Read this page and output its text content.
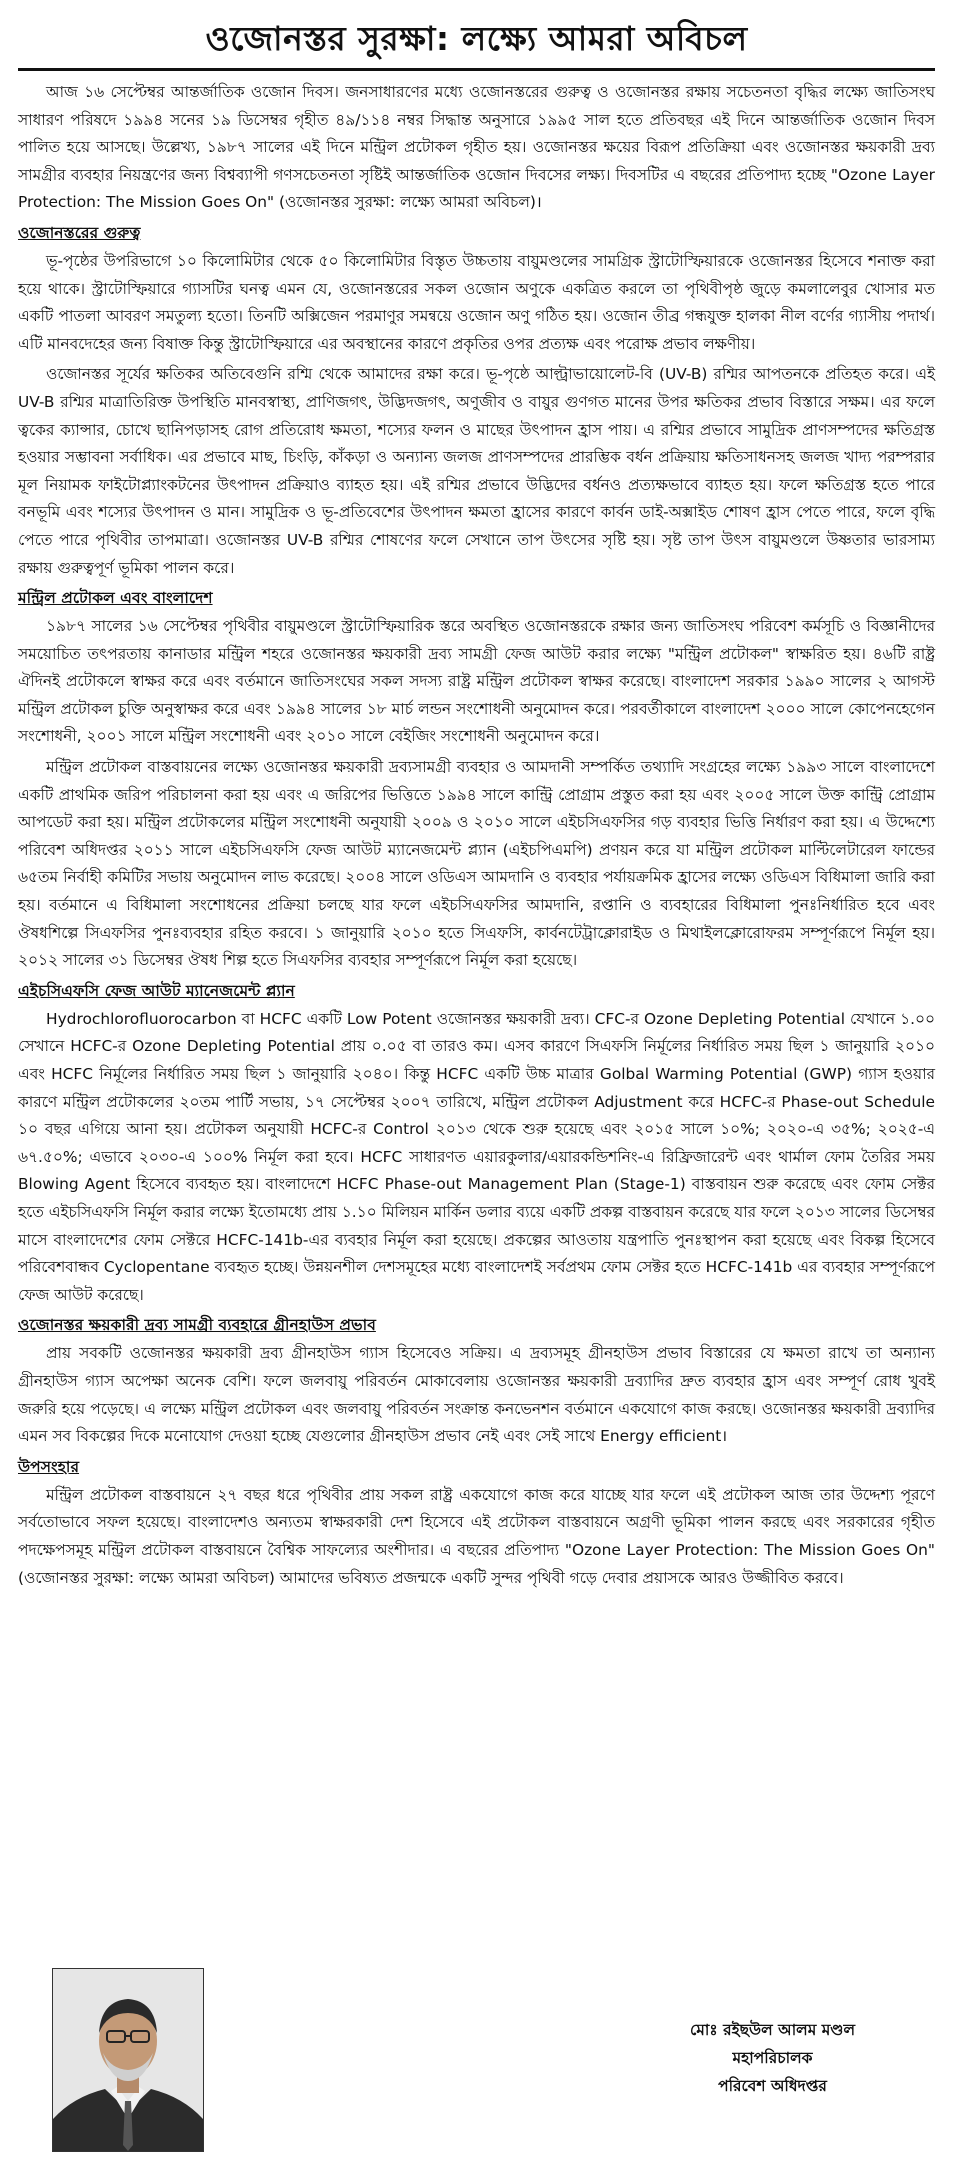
ওজোনস্তর সুরক্ষা: লক্ষ্যে আমরা অবিচল

আজ ১৬ সেপ্টেম্বর আন্তর্জাতিক ওজোন দিবস। জনসাধারণের মধ্যে ওজোনস্তরের গুরুত্ব ও ওজোনস্তর রক্ষায় সচেতনতা বৃদ্ধির লক্ষ্যে জাতিসংঘ সাধারণ পরিষদে ১৯৯৪ সনের ১৯ ডিসেম্বর গৃহীত ৪৯/১১৪ নম্বর সিদ্ধান্ত অনুসারে ১৯৯৫ সাল হতে প্রতিবছর এই দিনে আন্তর্জাতিক ওজোন দিবস পালিত হয়ে আসছে। উল্লেখ্য, ১৯৮৭ সালের এই দিনে মন্ট্রিল প্রটোকল গৃহীত হয়। ওজোনস্তর ক্ষয়ের বিরূপ প্রতিক্রিয়া এবং ওজোনস্তর ক্ষয়কারী দ্রব্য সামগ্রীর ব্যবহার নিয়ন্ত্রণের জন্য বিশ্বব্যাপী গণসচেতনতা সৃষ্টিই আন্তর্জাতিক ওজোন দিবসের লক্ষ্য। দিবসটির এ বছরের প্রতিপাদ্য হচ্ছে "Ozone Layer Protection: The Mission Goes On" (ওজোনস্তর সুরক্ষা: লক্ষ্যে আমরা অবিচল)।

ওজোনস্তরের গুরুত্ব

ভূ-পৃষ্ঠের উপরিভাগে ১০ কিলোমিটার থেকে ৫০ কিলোমিটার বিস্তৃত উচ্চতায় বায়ুমণ্ডলের সামগ্রিক স্ট্রাটোস্ফিয়ারকে ওজোনস্তর হিসেবে শনাক্ত করা হয়ে থাকে। স্ট্রাটোস্ফিয়ারে গ্যাসটির ঘনত্ব এমন যে, ওজোনস্তরের সকল ওজোন অণুকে একত্রিত করলে তা পৃথিবীপৃষ্ঠ জুড়ে কমলালেবুর খোসার মত একটি পাতলা আবরণ সমতুল্য হতো। তিনটি অক্সিজেন পরমাণুর সমন্বয়ে ওজোন অণু গঠিত হয়। ওজোন তীব্র গন্ধযুক্ত হালকা নীল বর্ণের গ্যাসীয় পদার্থ। এটি মানবদেহের জন্য বিষাক্ত কিন্তু স্ট্রাটোস্ফিয়ারে এর অবস্থানের কারণে প্রকৃতির ওপর প্রত্যক্ষ এবং পরোক্ষ প্রভাব লক্ষণীয়।

ওজোনস্তর সূর্যের ক্ষতিকর অতিবেগুনি রশ্মি থেকে আমাদের রক্ষা করে। ভূ-পৃষ্ঠে আল্ট্রাভায়োলেট-বি (UV-B) রশ্মির আপতনকে প্রতিহত করে। এই UV-B রশ্মির মাত্রাতিরিক্ত উপস্থিতি মানবস্বাস্থ্য, প্রাণিজগৎ, উদ্ভিদজগৎ, অণুজীব ও বায়ুর গুণগত মানের উপর ক্ষতিকর প্রভাব বিস্তারে সক্ষম। এর ফলে ত্বকের ক্যান্সার, চোখে ছানিপড়াসহ রোগ প্রতিরোধ ক্ষমতা, শস্যের ফলন ও মাছের উৎপাদন হ্রাস পায়। এ রশ্মির প্রভাবে সামুদ্রিক প্রাণসম্পদের ক্ষতিগ্রস্ত হওয়ার সম্ভাবনা সর্বাধিক। এর প্রভাবে মাছ, চিংড়ি, কাঁকড়া ও অন্যান্য জলজ প্রাণসম্পদের প্রারম্ভিক বর্ধন প্রক্রিয়ায় ক্ষতিসাধনসহ জলজ খাদ্য পরম্পরার মূল নিয়ামক ফাইটোপ্ল্যাংকটনের উৎপাদন প্রক্রিয়াও ব্যাহত হয়। এই রশ্মির প্রভাবে উদ্ভিদের বর্ধনও প্রত্যক্ষভাবে ব্যাহত হয়। ফলে ক্ষতিগ্রস্ত হতে পারে বনভূমি এবং শস্যের উৎপাদন ও মান। সামুদ্রিক ও ভূ-প্রতিবেশের উৎপাদন ক্ষমতা হ্রাসের কারণে কার্বন ডাই-অক্সাইড শোষণ হ্রাস পেতে পারে, ফলে বৃদ্ধি পেতে পারে পৃথিবীর তাপমাত্রা। ওজোনস্তর UV-B রশ্মির শোষণের ফলে সেখানে তাপ উৎসের সৃষ্টি হয়। সৃষ্ট তাপ উৎস বায়ুমণ্ডলে উষ্ণতার ভারসাম্য রক্ষায় গুরুত্বপূর্ণ ভূমিকা পালন করে।

মন্ট্রিল প্রটোকল এবং বাংলাদেশ

১৯৮৭ সালের ১৬ সেপ্টেম্বর পৃথিবীর বায়ুমণ্ডলে স্ট্রাটোস্ফিয়ারিক স্তরে অবস্থিত ওজোনস্তরকে রক্ষার জন্য জাতিসংঘ পরিবেশ কর্মসূচি ও বিজ্ঞানীদের সময়োচিত তৎপরতায় কানাডার মন্ট্রিল শহরে ওজোনস্তর ক্ষয়কারী দ্রব্য সামগ্রী ফেজ আউট করার লক্ষ্যে "মন্ট্রিল প্রটোকল" স্বাক্ষরিত হয়। ৪৬টি রাষ্ট্র ঐদিনই প্রটোকলে স্বাক্ষর করে এবং বর্তমানে জাতিসংঘের সকল সদস্য রাষ্ট্র মন্ট্রিল প্রটোকল স্বাক্ষর করেছে। বাংলাদেশ সরকার ১৯৯০ সালের ২ আগস্ট মন্ট্রিল প্রটোকল চুক্তি অনুস্বাক্ষর করে এবং ১৯৯৪ সালের ১৮ মার্চ লন্ডন সংশোধনী অনুমোদন করে। পরবর্তীকালে বাংলাদেশ ২০০০ সালে কোপেনহেগেন সংশোধনী, ২০০১ সালে মন্ট্রিল সংশোধনী এবং ২০১০ সালে বেইজিং সংশোধনী অনুমোদন করে।

মন্ট্রিল প্রটোকল বাস্তবায়নের লক্ষ্যে ওজোনস্তর ক্ষয়কারী দ্রব্যসামগ্রী ব্যবহার ও আমদানী সম্পর্কিত তথ্যাদি সংগ্রহের লক্ষ্যে ১৯৯৩ সালে বাংলাদেশে একটি প্রাথমিক জরিপ পরিচালনা করা হয় এবং এ জরিপের ভিত্তিতে ১৯৯৪ সালে কান্ট্রি প্রোগ্রাম প্রস্তুত করা হয় এবং ২০০৫ সালে উক্ত কান্ট্রি প্রোগ্রাম আপডেট করা হয়। মন্ট্রিল প্রটোকলের মন্ট্রিল সংশোধনী অনুযায়ী ২০০৯ ও ২০১০ সালে এইচসিএফসির গড় ব্যবহার ভিত্তি নির্ধারণ করা হয়। এ উদ্দেশ্যে পরিবেশ অধিদপ্তর ২০১১ সালে এইচসিএফসি ফেজ আউট ম্যানেজমেন্ট প্ল্যান (এইচপিএমপি) প্রণয়ন করে যা মন্ট্রিল প্রটোকল মাল্টিলেটারেল ফান্ডের ৬৫তম নির্বাহী কমিটির সভায় অনুমোদন লাভ করেছে। ২০০৪ সালে ওডিএস আমদানি ও ব্যবহার পর্যায়ক্রমিক হ্রাসের লক্ষ্যে ওডিএস বিধিমালা জারি করা হয়। বর্তমানে এ বিধিমালা সংশোধনের প্রক্রিয়া চলছে যার ফলে এইচসিএফসির আমদানি, রপ্তানি ও ব্যবহারের বিধিমালা পুনঃনির্ধারিত হবে এবং ঔষধশিল্পে সিএফসির পুনঃব্যবহার রহিত করবে। ১ জানুয়ারি ২০১০ হতে সিএফসি, কার্বনটেট্রাক্লোরাইড ও মিথাইলক্লোরোফরম সম্পূর্ণরূপে নির্মূল হয়। ২০১২ সালের ৩১ ডিসেম্বর ঔষধ শিল্প হতে সিএফসির ব্যবহার সম্পূর্ণরূপে নির্মূল করা হয়েছে।

এইচসিএফসি ফেজ আউট ম্যানেজমেন্ট প্ল্যান

Hydrochlorofluorocarbon বা HCFC একটি Low Potent ওজোনস্তর ক্ষয়কারী দ্রব্য। CFC-র Ozone Depleting Potential যেখানে ১.০০ সেখানে HCFC-র Ozone Depleting Potential প্রায় ০.০৫ বা তারও কম। এসব কারণে সিএফসি নির্মূলের নির্ধারিত সময় ছিল ১ জানুয়ারি ২০১০ এবং HCFC নির্মূলের নির্ধারিত সময় ছিল ১ জানুয়ারি ২০৪০। কিন্তু HCFC একটি উচ্চ মাত্রার Golbal Warming Potential (GWP) গ্যাস হওয়ার কারণে মন্ট্রিল প্রটোকলের ২০তম পার্টি সভায়, ১৭ সেপ্টেম্বর ২০০৭ তারিখে, মন্ট্রিল প্রটোকল Adjustment করে HCFC-র Phase-out Schedule ১০ বছর এগিয়ে আনা হয়। প্রটোকল অনুযায়ী HCFC-র Control ২০১৩ থেকে শুরু হয়েছে এবং ২০১৫ সালে ১০%; ২০২০-এ ৩৫%; ২০২৫-এ ৬৭.৫০%; এভাবে ২০৩০-এ ১০০% নির্মূল করা হবে। HCFC সাধারণত এয়ারকুলার/এয়ারকন্ডিশনিং-এ রিফ্রিজারেন্ট এবং থার্মাল ফোম তৈরির সময় Blowing Agent হিসেবে ব্যবহৃত হয়। বাংলাদেশে HCFC Phase-out Management Plan (Stage-1) বাস্তবায়ন শুরু করেছে এবং ফোম সেক্টর হতে এইচসিএফসি নির্মূল করার লক্ষ্যে ইতোমধ্যে প্রায় ১.১০ মিলিয়ন মার্কিন ডলার ব্যয়ে একটি প্রকল্প বাস্তবায়ন করেছে যার ফলে ২০১৩ সালের ডিসেম্বর মাসে বাংলাদেশের ফোম সেক্টরে HCFC-141b-এর ব্যবহার নির্মূল করা হয়েছে। প্রকল্পের আওতায় যন্ত্রপাতি পুনঃস্থাপন করা হয়েছে এবং বিকল্প হিসেবে পরিবেশবান্ধব Cyclopentane ব্যবহৃত হচ্ছে। উন্নয়নশীল দেশসমূহের মধ্যে বাংলাদেশই সর্বপ্রথম ফোম সেক্টর হতে HCFC-141b এর ব্যবহার সম্পূর্ণরূপে ফেজ আউট করেছে।

ওজোনস্তর ক্ষয়কারী দ্রব্য সামগ্রী ব্যবহারে গ্রীনহাউস প্রভাব

প্রায় সবকটি ওজোনস্তর ক্ষয়কারী দ্রব্য গ্রীনহাউস গ্যাস হিসেবেও সক্রিয়। এ দ্রব্যসমূহ গ্রীনহাউস প্রভাব বিস্তারের যে ক্ষমতা রাখে তা অন্যান্য গ্রীনহাউস গ্যাস অপেক্ষা অনেক বেশি। ফলে জলবায়ু পরিবর্তন মোকাবেলায় ওজোনস্তর ক্ষয়কারী দ্রব্যাদির দ্রুত ব্যবহার হ্রাস এবং সম্পূর্ণ রোধ খুবই জরুরি হয়ে পড়েছে। এ লক্ষ্যে মন্ট্রিল প্রটোকল এবং জলবায়ু পরিবর্তন সংক্রান্ত কনভেনশন বর্তমানে একযোগে কাজ করছে। ওজোনস্তর ক্ষয়কারী দ্রব্যাদির এমন সব বিকল্পের দিকে মনোযোগ দেওয়া হচ্ছে যেগুলোর গ্রীনহাউস প্রভাব নেই এবং সেই সাথে Energy efficient।

উপসংহার

মন্ট্রিল প্রটোকল বাস্তবায়নে ২৭ বছর ধরে পৃথিবীর প্রায় সকল রাষ্ট্র একযোগে কাজ করে যাচ্ছে যার ফলে এই প্রটোকল আজ তার উদ্দেশ্য পূরণে সর্বতোভাবে সফল হয়েছে। বাংলাদেশও অন্যতম স্বাক্ষরকারী দেশ হিসেবে এই প্রটোকল বাস্তবায়নে অগ্রণী ভূমিকা পালন করছে এবং সরকারের গৃহীত পদক্ষেপসমূহ মন্ট্রিল প্রটোকল বাস্তবায়নে বৈশ্বিক সাফল্যের অংশীদার। এ বছরের প্রতিপাদ্য "Ozone Layer Protection: The Mission Goes On" (ওজোনস্তর সুরক্ষা: লক্ষ্যে আমরা অবিচল) আমাদের ভবিষ্যত প্রজন্মকে একটি সুন্দর পৃথিবী গড়ে দেবার প্রয়াসকে আরও উজ্জীবিত করবে।

মোঃ রইছউল আলম মণ্ডল
মহাপরিচালক
পরিবেশ অধিদপ্তর
